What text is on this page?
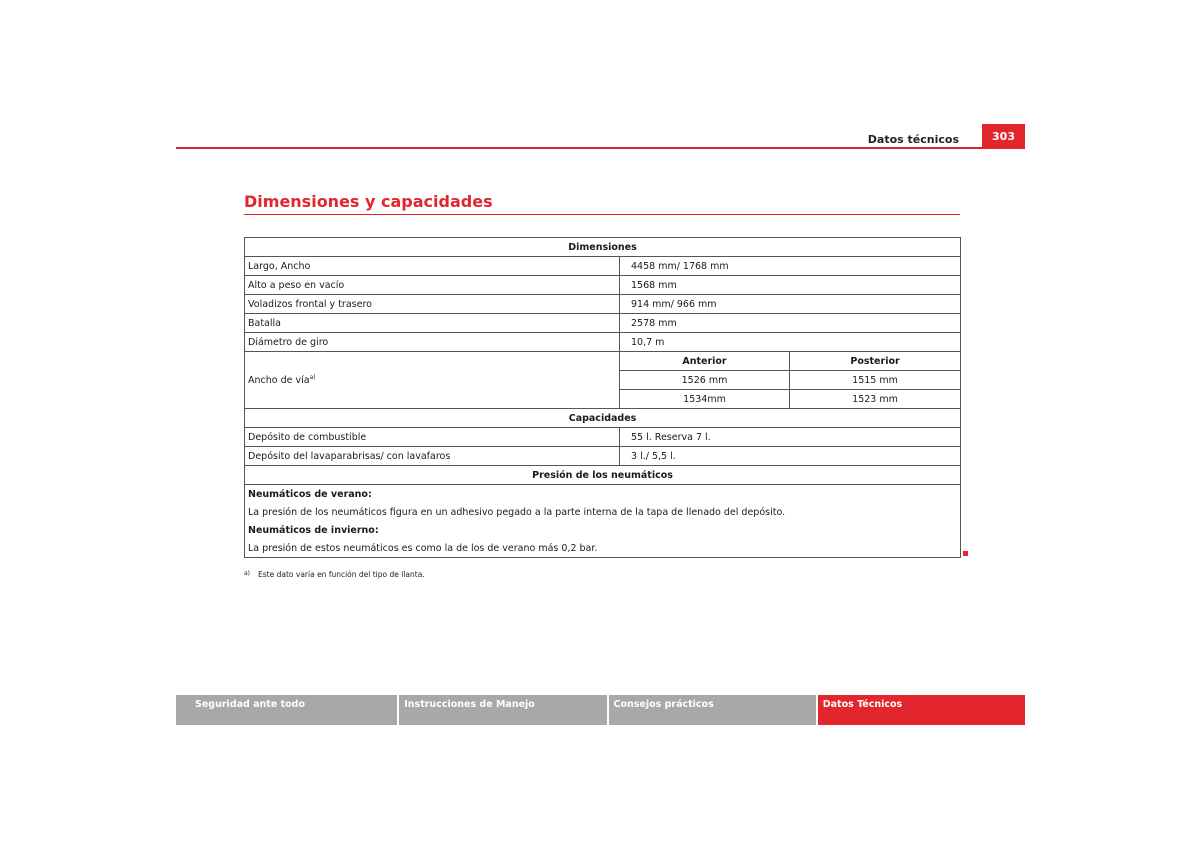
Datos técnicos	303
Dimensiones y capacidades
Dimensiones		
Largo, Ancho	4458 mm/ 1768 mm	
Alto a peso en vacío	1568 mm	
Voladizos frontal y trasero	914 mm/ 966 mm	
Batalla	2578 mm	
Diámetro de giro	10,7 m	
Ancho de vía$^{a)}$	Anterior	Posterior
	1526 mm	1515 mm
	1534mm	1523 mm
Capacidades		
Depósito de combustible	55 l. Reserva 7 l.	
Depósito del lavaparabrisas/ con lavafaros	3 l./ 5,5 l.	
Presión de los neumáticos		
Neumáticos de verano:		
La presión de los neumáticos figura en un adhesivo pegado a la parte interna de la tapa de llenado del depósito.		
Neumáticos de invierno:		
La presión de estos neumáticos es como la de los de verano más 0,2 bar.		
$^{a)}$ Este dato varía en función del tipo de llanta.
Seguridad ante todo	Instrucciones de Manejo	Consejos prácticos	Datos Técnicos
